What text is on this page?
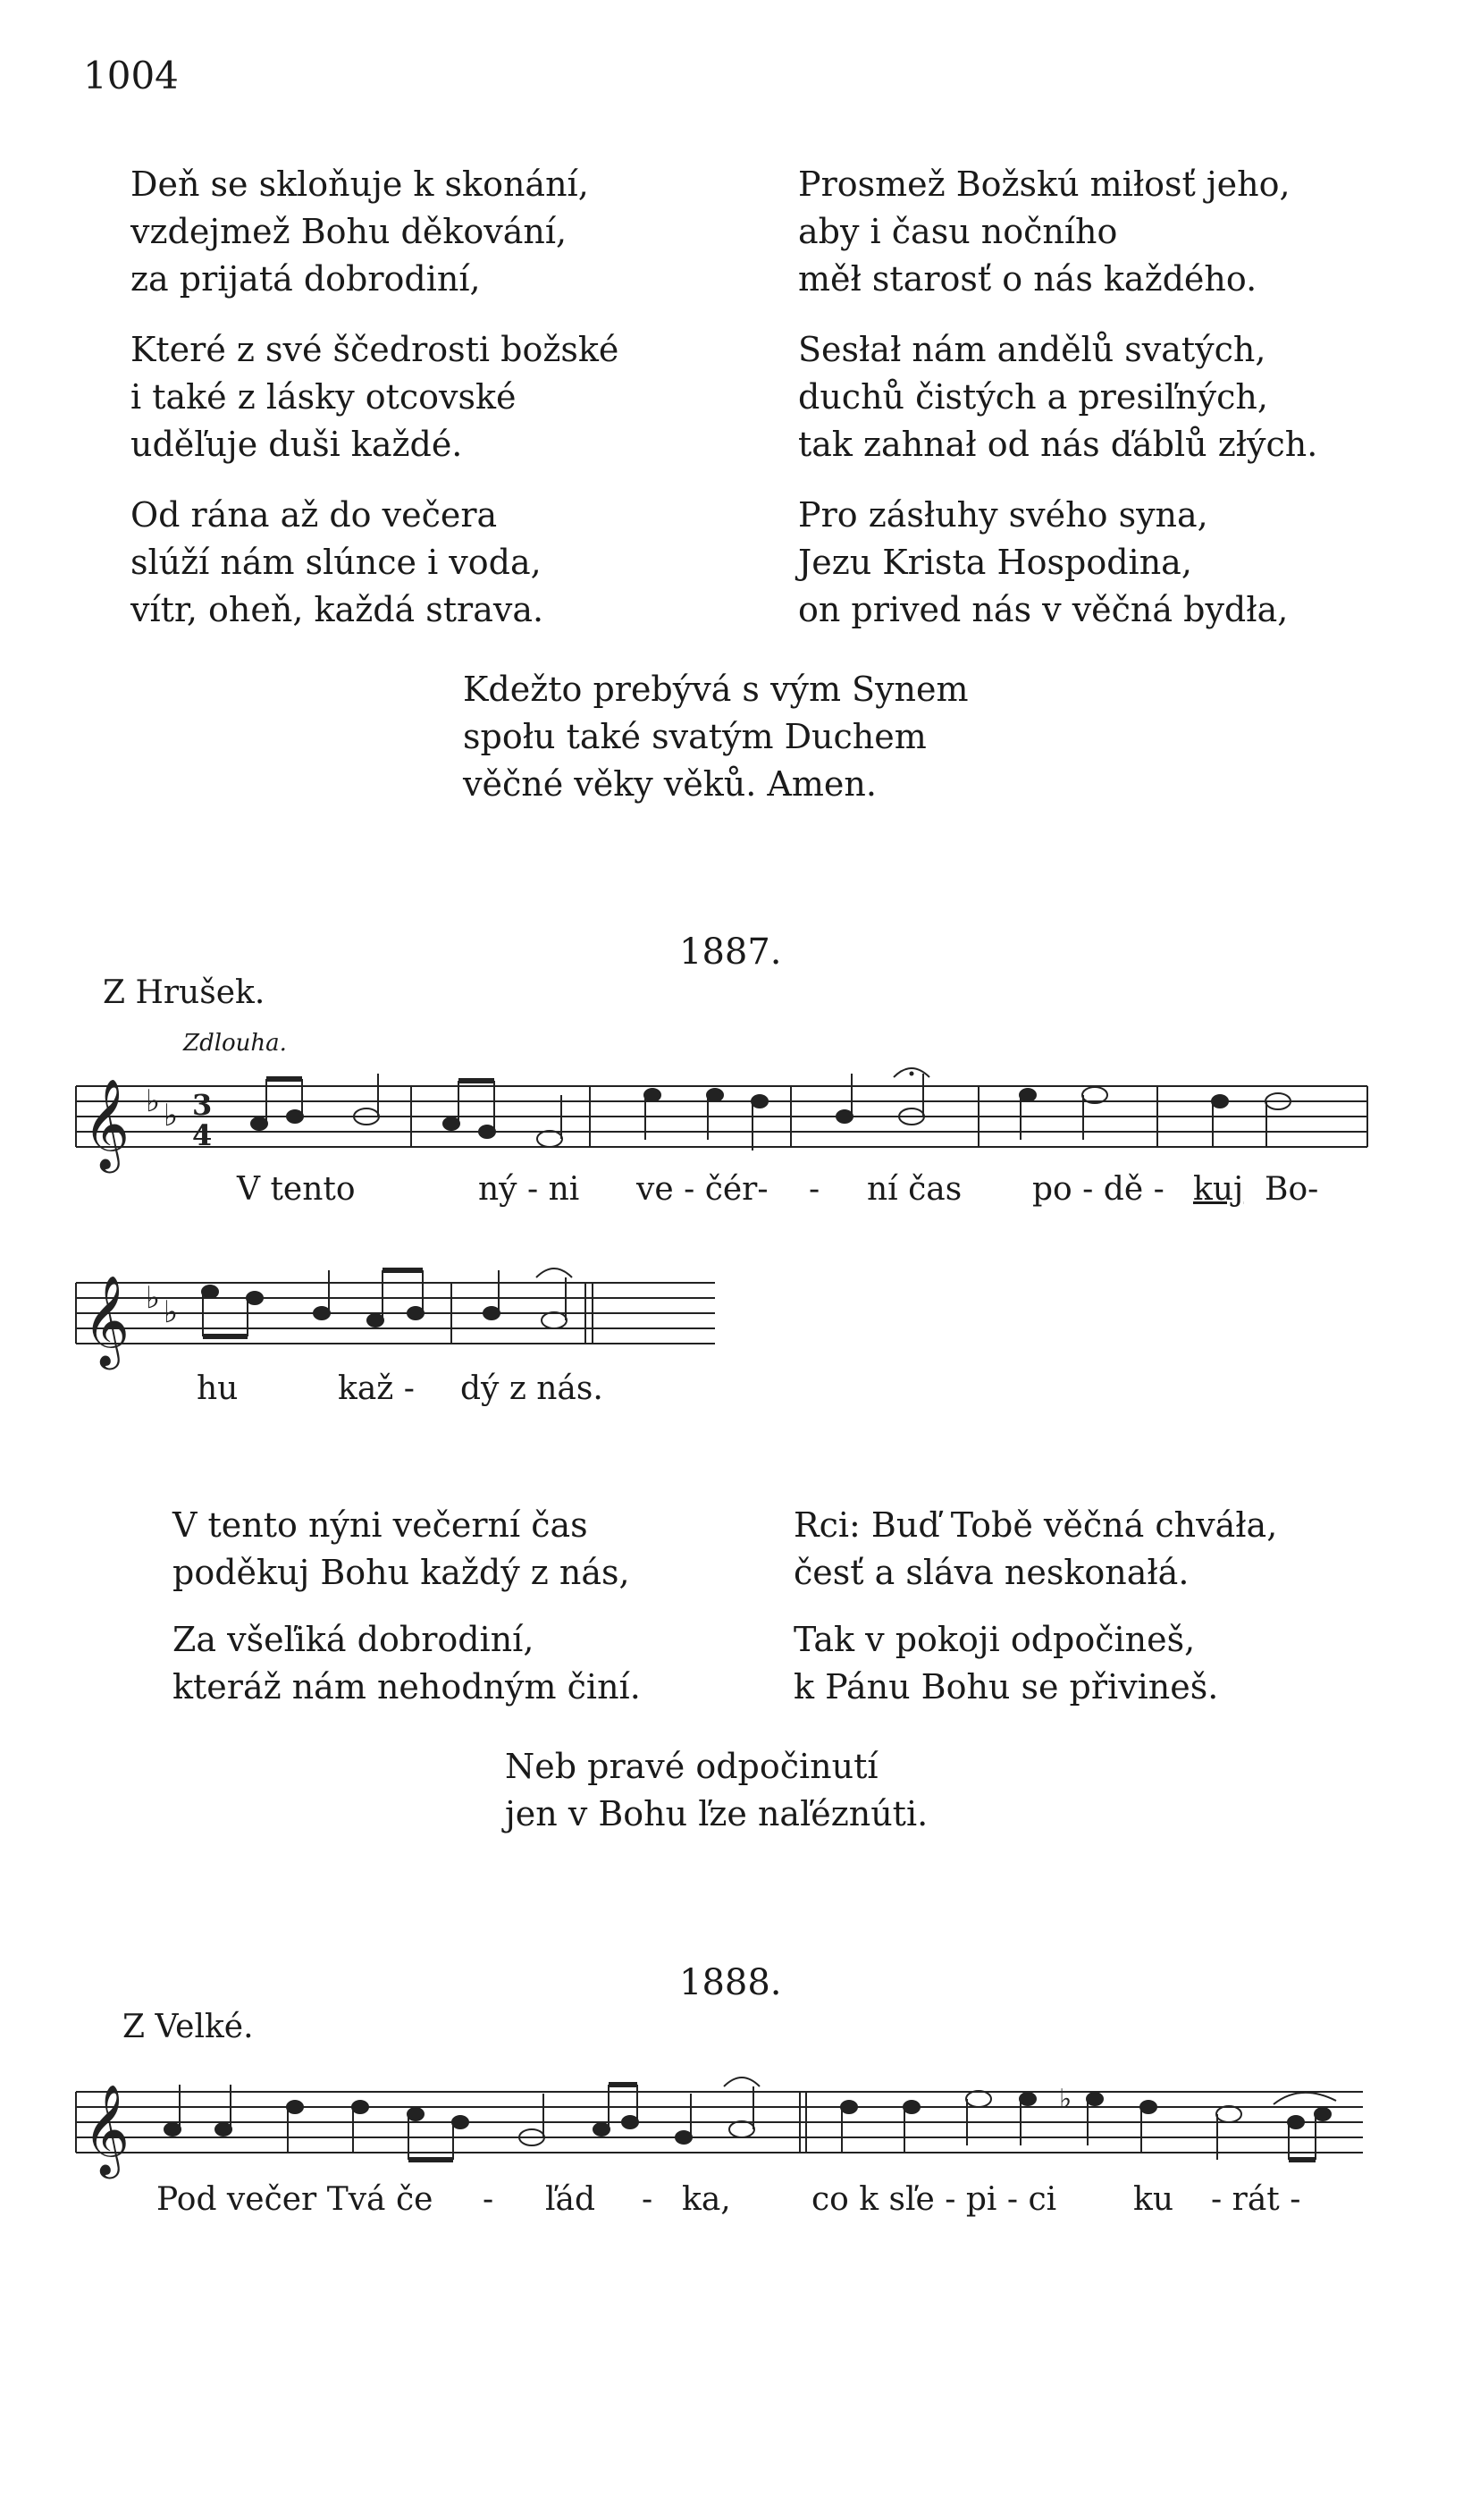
1004
Deň se skloňuje k skonání,
vzdejmež Bohu děkování,
za prijatá dobrodiní,
Které z své ščedrosti božské
i také z lásky otcovské
uděľuje duši každé.
Od rána až do večera
slúží nám slúnce i voda,
vítr, oheň, každá strava.
Prosmež Božskú miłosť jeho,
aby i času nočního
měł starosť o nás každého.
Sesłał nám andělů svatých,
duchů čistých a presiľných,
tak zahnał od nás ďáblů złých.
Pro zásłuhy svého syna,
Jezu Krista Hospodina,
on prived nás v věčná bydła,
Kdežto prebývá s vým Synem
społu také svatým Duchem
věčné věky věků. Amen.
1887.
Z Hrušek.
Zdlouha.
𝄞 ♭ ♭ 3
4
V tento	ný - ni ve - čér- - ní čas po - dě - kuj Bo-
𝄞 ♭ ♭
hu	kaž - dý z nás.
V tento nýni večerní čas
poděkuj Bohu každý z nás,
Za všeľiká dobrodiní,
kteráž nám nehodným činí.
Rci: Buď Tobě věčná chváła,
česť a sláva neskonałá.
Tak v pokoji odpočineš,
k Pánu Bohu se přivineš.
Neb pravé odpočinutí
jen v Bohu ľze naľéznúti.
1888.
Z Velké.
𝄞	♭
Pod večer Tvá če - ľád - ka,	co k sľe - pi - ci ku - rát -
